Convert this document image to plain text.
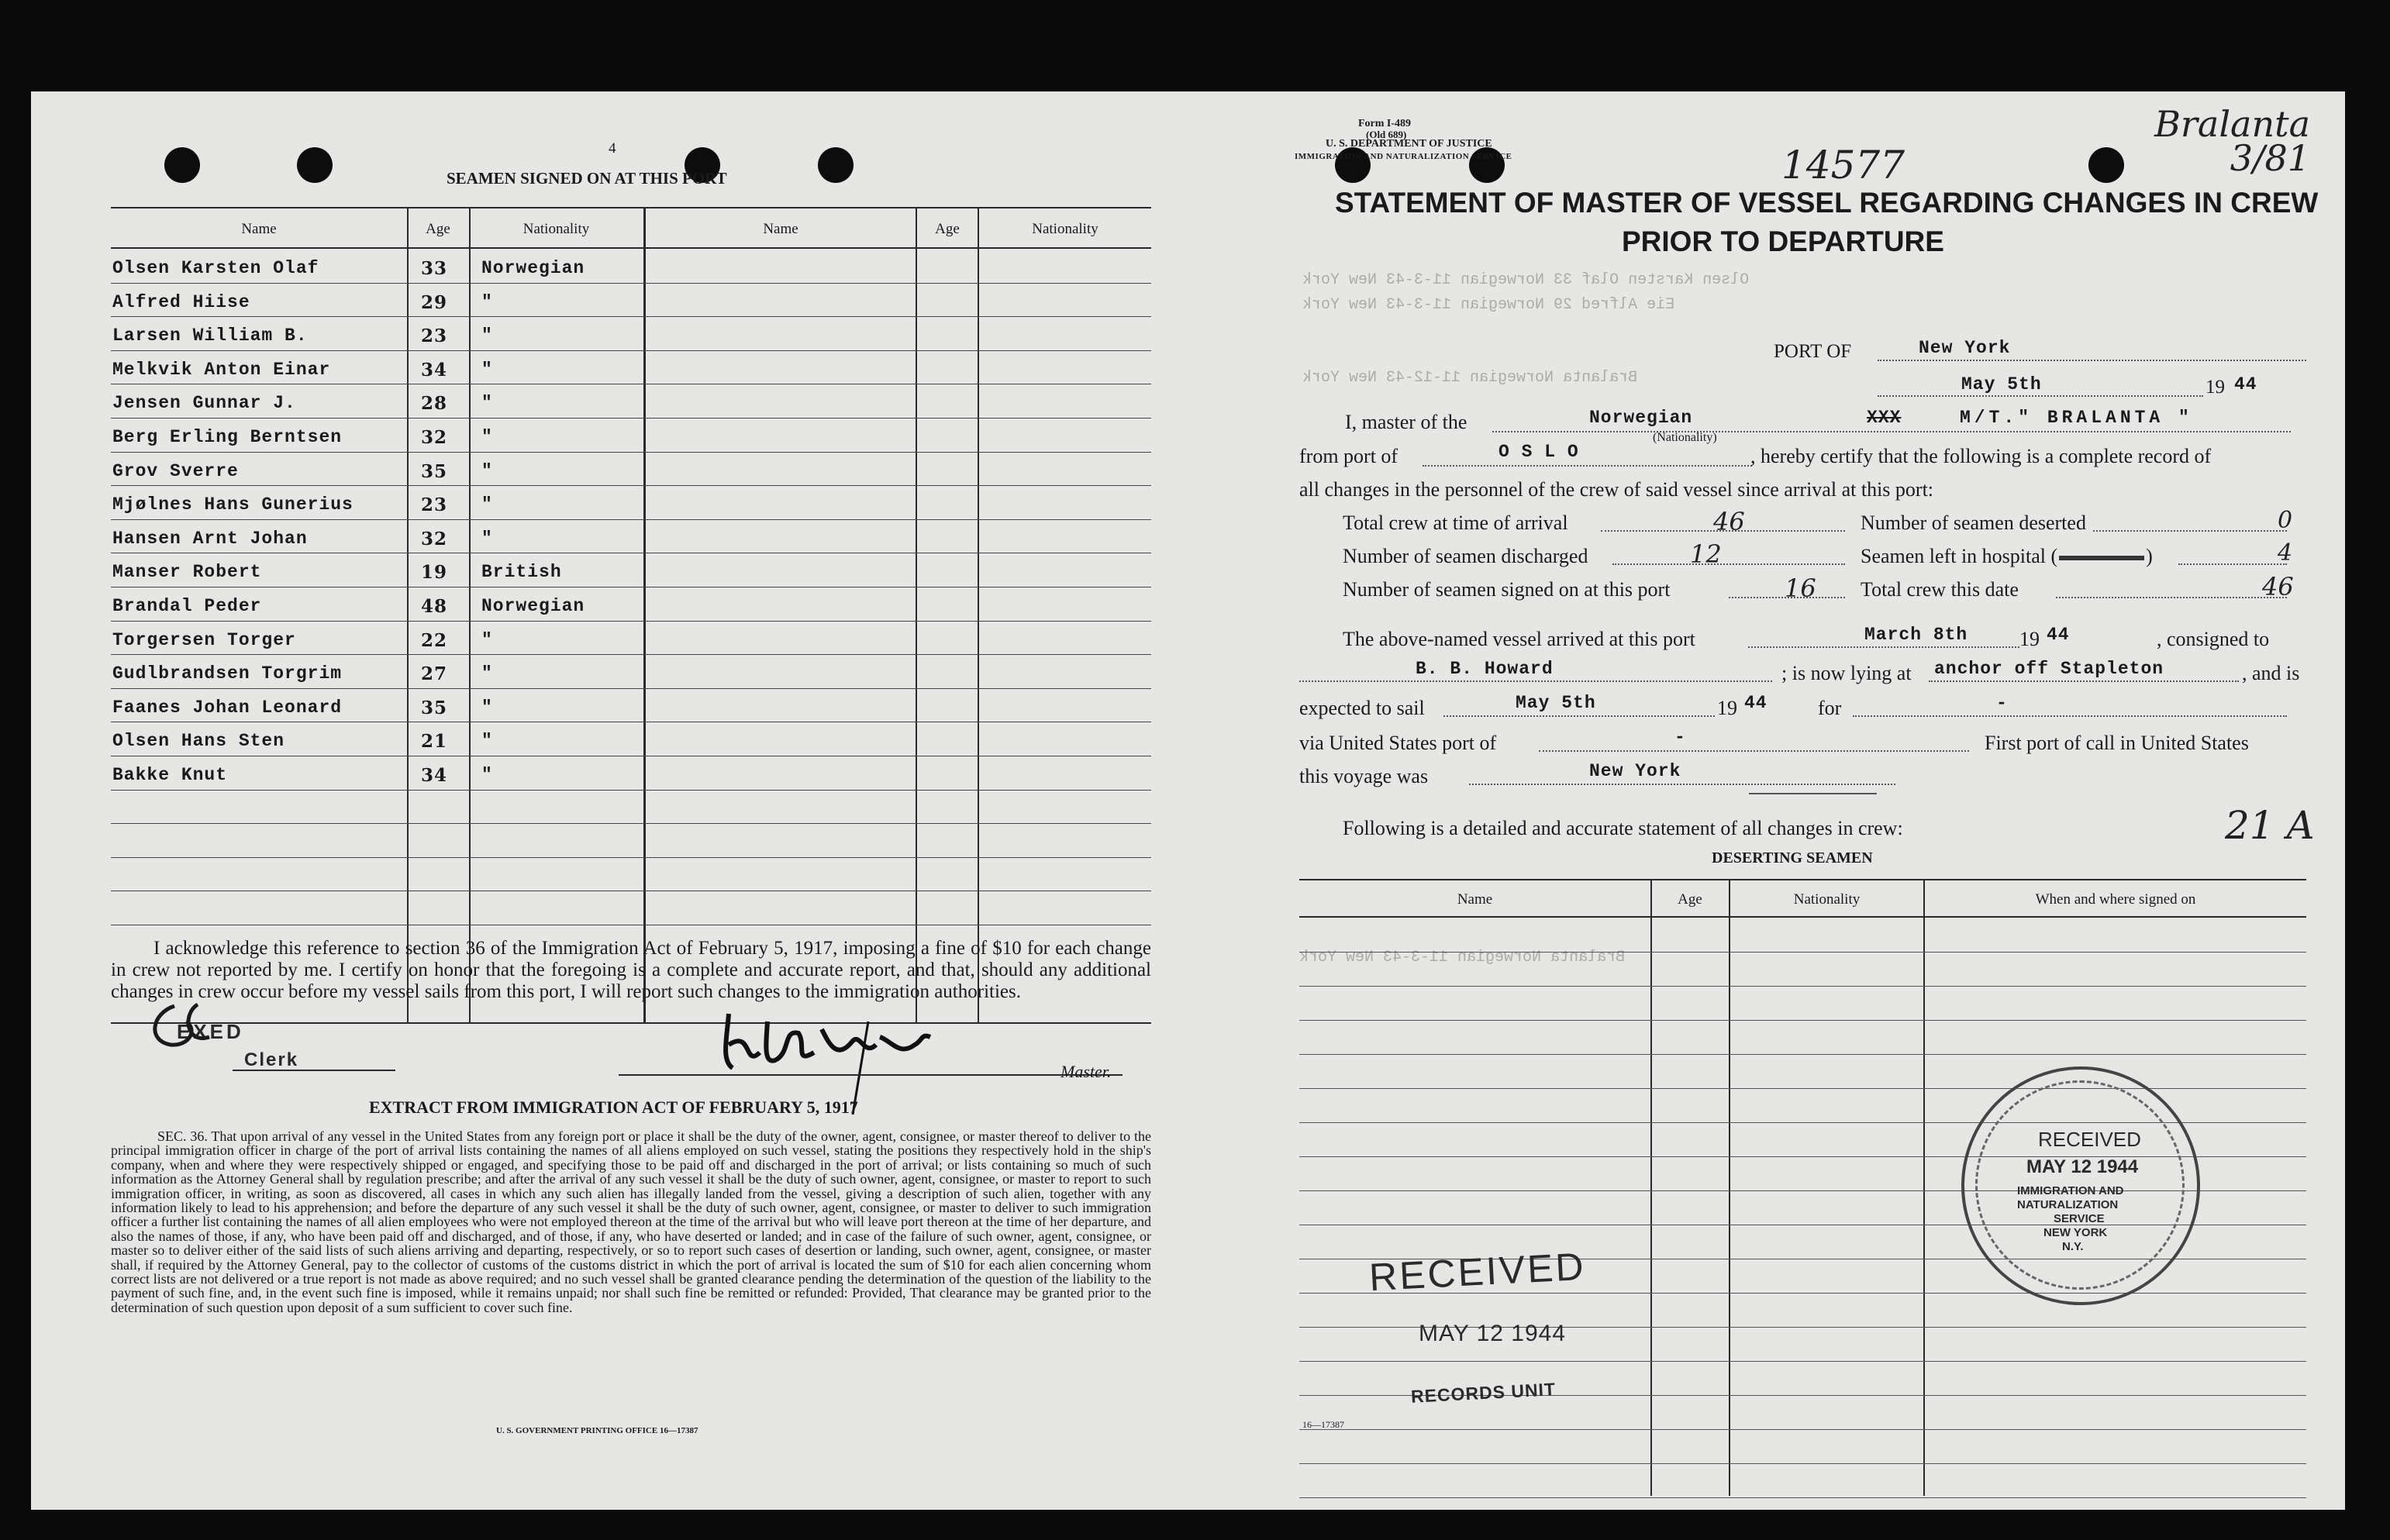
4
SEAMEN SIGNED ON AT THIS PORT
Name	Age	Nationality	Name	Age	Nationality
Olsen Karsten Olaf	33 Norwegian
Alfred Hiise	29 "
Larsen William B.	23 "
Melkvik Anton Einar	34 "
Jensen Gunnar J.	28 "
Berg Erling Berntsen	32 "
Grov Sverre	35 "
Mjølnes Hans Gunerius	23 "
Hansen Arnt Johan	32 "
Manser Robert	19 British
Brandal Peder	48 Norwegian
Torgersen Torger	22 "
Gudlbrandsen Torgrim	27 "
Faanes Johan Leonard	35 "
Olsen Hans Sten	21 "
Bakke Knut	34 "
I acknowledge this reference to section 36 of the Immigration Act of February 5, 1917, imposing a fine of $10 for each change in crew not reported by me. I certify on honor that the foregoing is a complete and accurate report, and that, should any additional changes in crew occur before my vessel sails from this port, I will report such changes to the immigration authorities.
EXED
Clerk
Master.
EXTRACT FROM IMMIGRATION ACT OF FEBRUARY 5, 1917
SEC. 36. That upon arrival of any vessel in the United States from any foreign port or place it shall be the duty of the owner, agent, consignee, or master thereof to deliver to the principal immigration officer in charge of the port of arrival lists containing the names of all aliens employed on such vessel, stating the positions they respectively hold in the ship's company, when and where they were respectively shipped or engaged, and specifying those to be paid off and discharged in the port of arrival; or lists containing so much of such information as the Attorney General shall by regulation prescribe; and after the arrival of any such vessel it shall be the duty of such owner, agent, consignee, or master to report to such immigration officer, in writing, as soon as discovered, all cases in which any such alien has illegally landed from the vessel, giving a description of such alien, together with any information likely to lead to his apprehension; and before the departure of any such vessel it shall be the duty of such owner, agent, consignee, or master to deliver to such immigration officer a further list containing the names of all alien employees who were not employed thereon at the time of the arrival but who will leave port thereon at the time of her departure, and also the names of those, if any, who have been paid off and discharged, and of those, if any, who have deserted or landed; and in case of the failure of such owner, agent, consignee, or master so to deliver either of the said lists of such aliens arriving and departing, respectively, or so to report such cases of desertion or landing, such owner, agent, consignee, or master shall, if required by the Attorney General, pay to the collector of customs of the customs district in which the port of arrival is located the sum of $10 for each alien concerning whom correct lists are not delivered or a true report is not made as above required; and no such vessel shall be granted clearance pending the determination of the question of the liability to the payment of such fine, and, in the event such fine is imposed, while it remains unpaid; nor shall such fine be remitted or refunded: Provided, That clearance may be granted prior to the determination of such question upon deposit of a sum sufficient to cover such fine.
U. S. GOVERNMENT PRINTING OFFICE 16—17387
Form I-489
(Old 689)
U. S. DEPARTMENT OF JUSTICE
IMMIGRATION AND NATURALIZATION SERVICE	14577
Bralanta 3/81
STATEMENT OF MASTER OF VESSEL REGARDING CHANGES IN CREW
PRIOR TO DEPARTURE
Olsen Karsten Olaf 33 Norwegian 11-3-43 New York
Eie Alfred 29 Norwegian 11-3-43 New York
Bralanta Norwegian 11-12-43 New York
PORT OF	New York
May 5th	19 44
I, master of the	Norwegian
(Nationality)
XXX	M/T." BRALANTA "
from port of	O S L O	, hereby certify that the following is a complete record of
all changes in the personnel of the crew of said vessel since arrival at this port:
Total crew at time of arrival	46
Number of seamen discharged	12
Number of seamen signed on at this port	16
Number of seamen deserted	0
Seamen left in hospital (	)	4
Total crew this date	46
The above-named vessel arrived at this port	March 8th	19 44	, consigned to
B. B. Howard	; is now lying at anchor off Stapleton	, and is
expected to sail	May 5th	19 44	for	-
via United States port of	-	First port of call in United States
this voyage was	New York
Following is a detailed and accurate statement of all changes in crew:	21 A
DESERTING SEAMEN
Name	Age	Nationality	When and where signed on
Bralanta Norwegian 11-3-43 New York
RECEIVED
MAY 12 1944
RECORDS UNIT
RECEIVED
MAY 12 1944
IMMIGRATION AND
NATURALIZATION
SERVICE
NEW YORK
N.Y.
16—17387
